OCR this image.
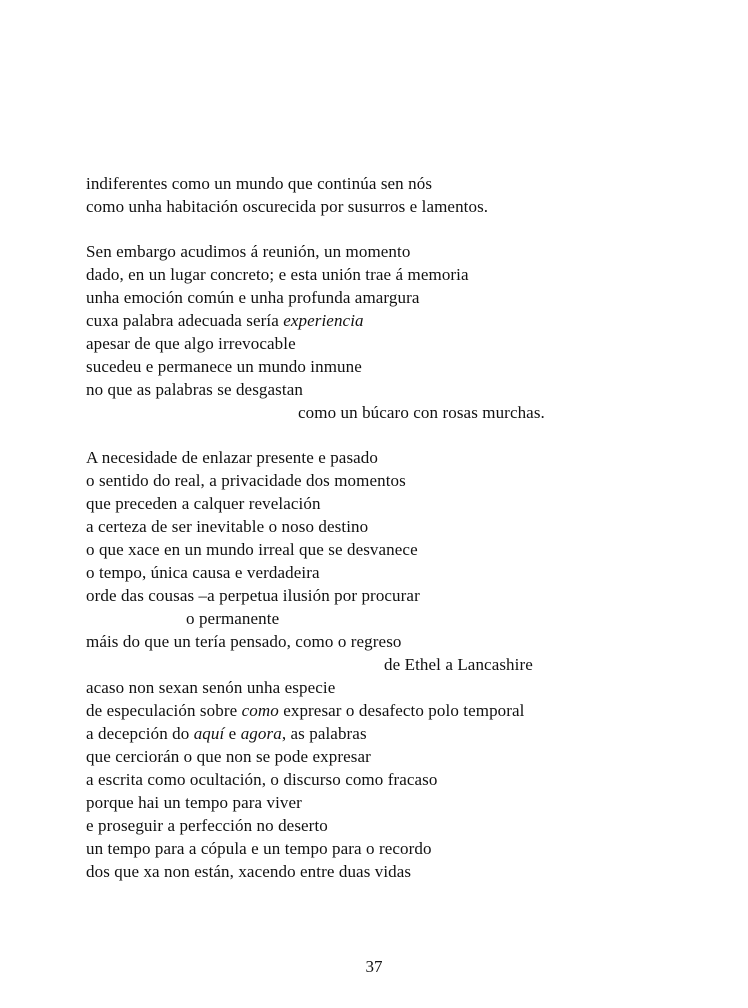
indiferentes como un mundo que continúa sen nós
como unha habitación oscurecida por susurros e lamentos.
Sen embargo acudimos á reunión, un momento
dado, en un lugar concreto; e esta unión trae á memoria
unha emoción común e unha profunda amargura
cuxa palabra adecuada sería experiencia
apesar de que algo irrevocable
sucedeu e permanece un mundo inmune
no que as palabras se desgastan
como un búcaro con rosas murchas.
A necesidade de enlazar presente e pasado
o sentido do real, a privacidade dos momentos
que preceden a calquer revelación
a certeza de ser inevitable o noso destino
o que xace en un mundo irreal que se desvanece
o tempo, única causa e verdadeira
orde das cousas –a perpetua ilusión por procurar
o permanente
máis do que un tería pensado, como o regreso
de Ethel a Lancashire
acaso non sexan senón unha especie
de especulación sobre como expresar o desafecto polo temporal
a decepción do aquí e agora, as palabras
que cerciorán o que non se pode expresar
a escrita como ocultación, o discurso como fracaso
porque hai un tempo para viver
e proseguir a perfección no deserto
un tempo para a cópula e un tempo para o recordo
dos que xa non están, xacendo entre duas vidas
37
